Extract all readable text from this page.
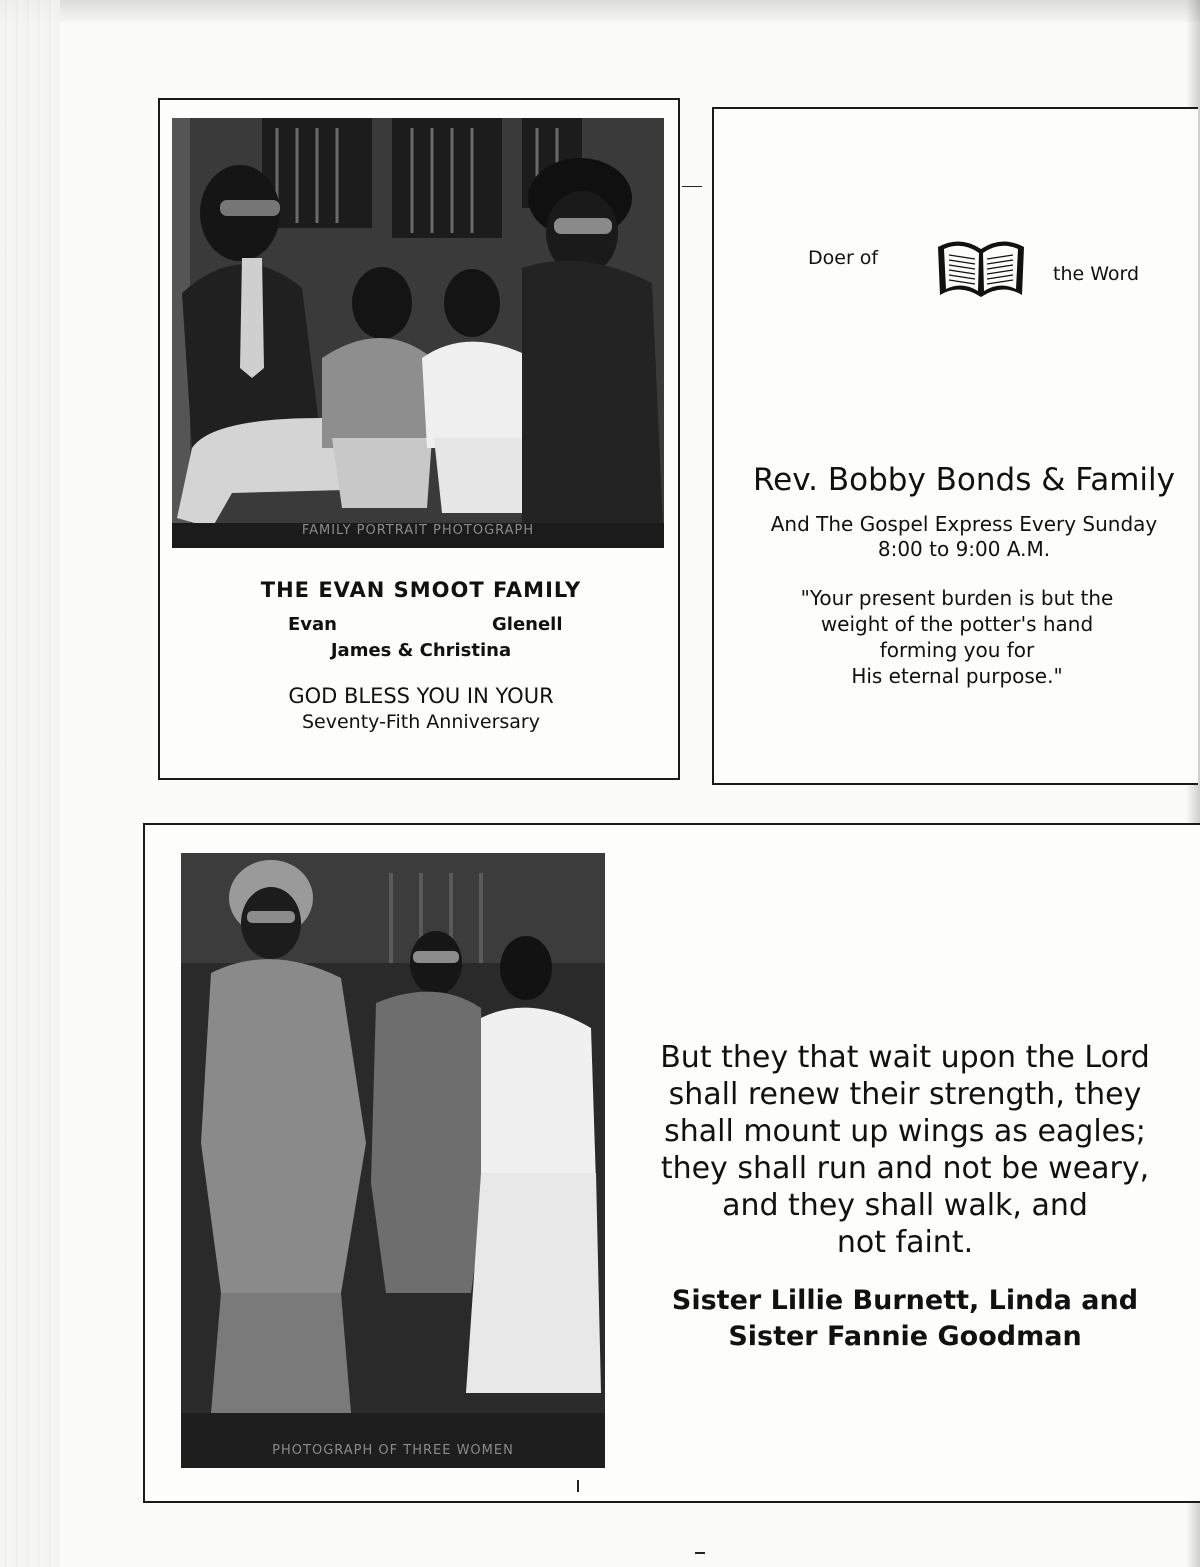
FAMILY PORTRAIT PHOTOGRAPH
THE EVAN SMOOT FAMILY
Evan	Glenell
James & Christina
GOD BLESS YOU IN YOUR
Seventy-Fith Anniversary
Doer of
the Word
Rev. Bobby Bonds & Family
And The Gospel Express Every Sunday
8:00 to 9:00 A.M.
"Your present burden is but the
weight of the potter's hand
forming you for
His eternal purpose."
PHOTOGRAPH OF THREE WOMEN
But they that wait upon the Lord
shall renew their strength, they
shall mount up wings as eagles;
they shall run and not be weary,
and they shall walk, and
not faint.
Sister Lillie Burnett, Linda and
Sister Fannie Goodman
